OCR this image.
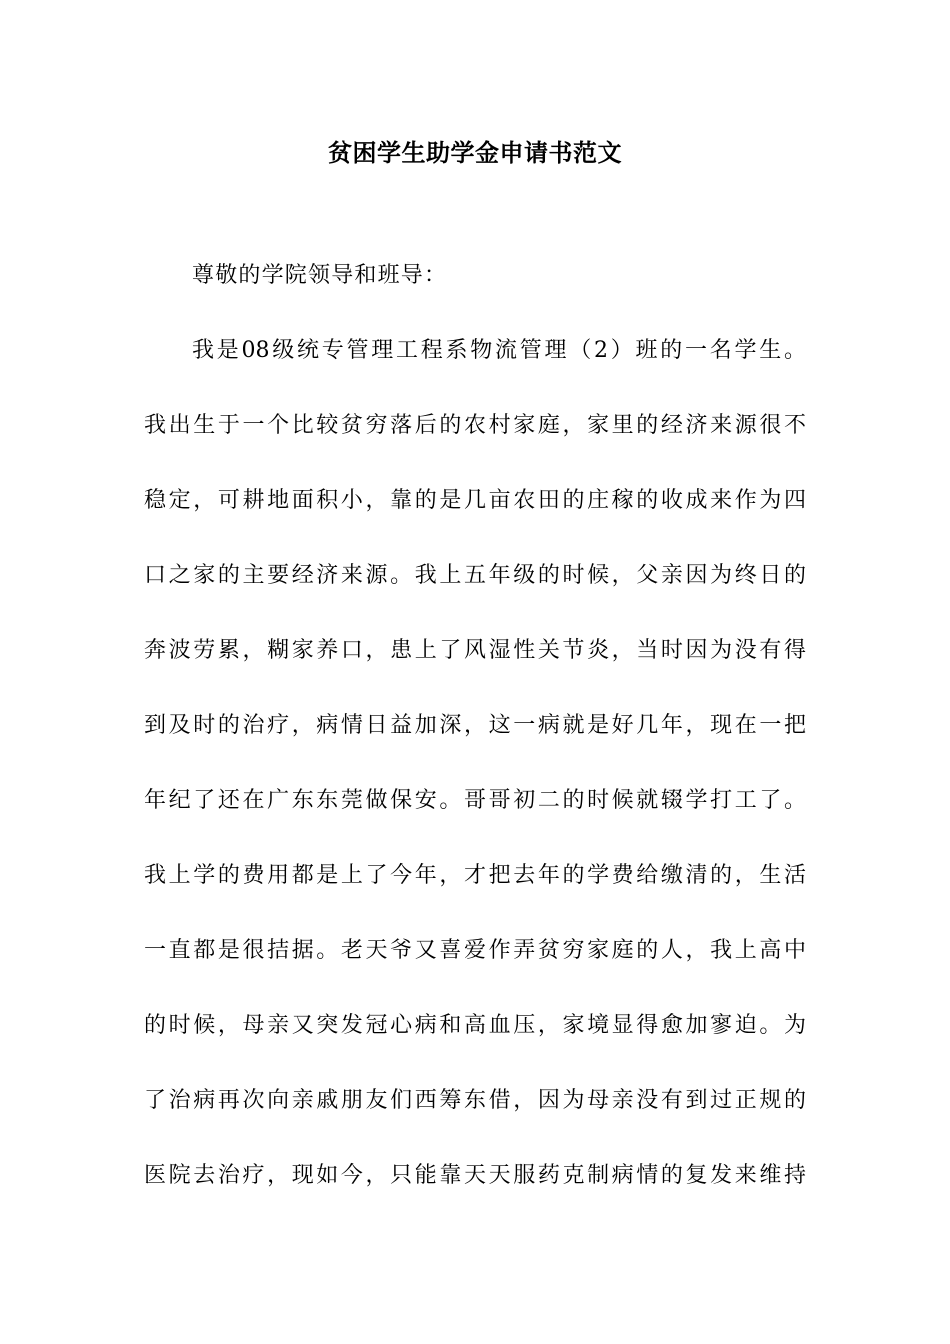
贫困学生助学金申请书范文
尊敬的学院领导和班导：
我是08级统专管理工程系物流管理（2）班的一名学生。
我出生于一个比较贫穷落后的农村家庭，家里的经济来源很不
稳定，可耕地面积小，靠的是几亩农田的庄稼的收成来作为四
口之家的主要经济来源。我上五年级的时候，父亲因为终日的
奔波劳累，糊家养口，患上了风湿性关节炎，当时因为没有得
到及时的治疗，病情日益加深，这一病就是好几年，现在一把
年纪了还在广东东莞做保安。哥哥初二的时候就辍学打工了。
我上学的费用都是上了今年，才把去年的学费给缴清的，生活
一直都是很拮据。老天爷又喜爱作弄贫穷家庭的人，我上高中
的时候，母亲又突发冠心病和高血压，家境显得愈加寥迫。为
了治病再次向亲戚朋友们西筹东借，因为母亲没有到过正规的
医院去治疗，现如今，只能靠天天服药克制病情的复发来维持
